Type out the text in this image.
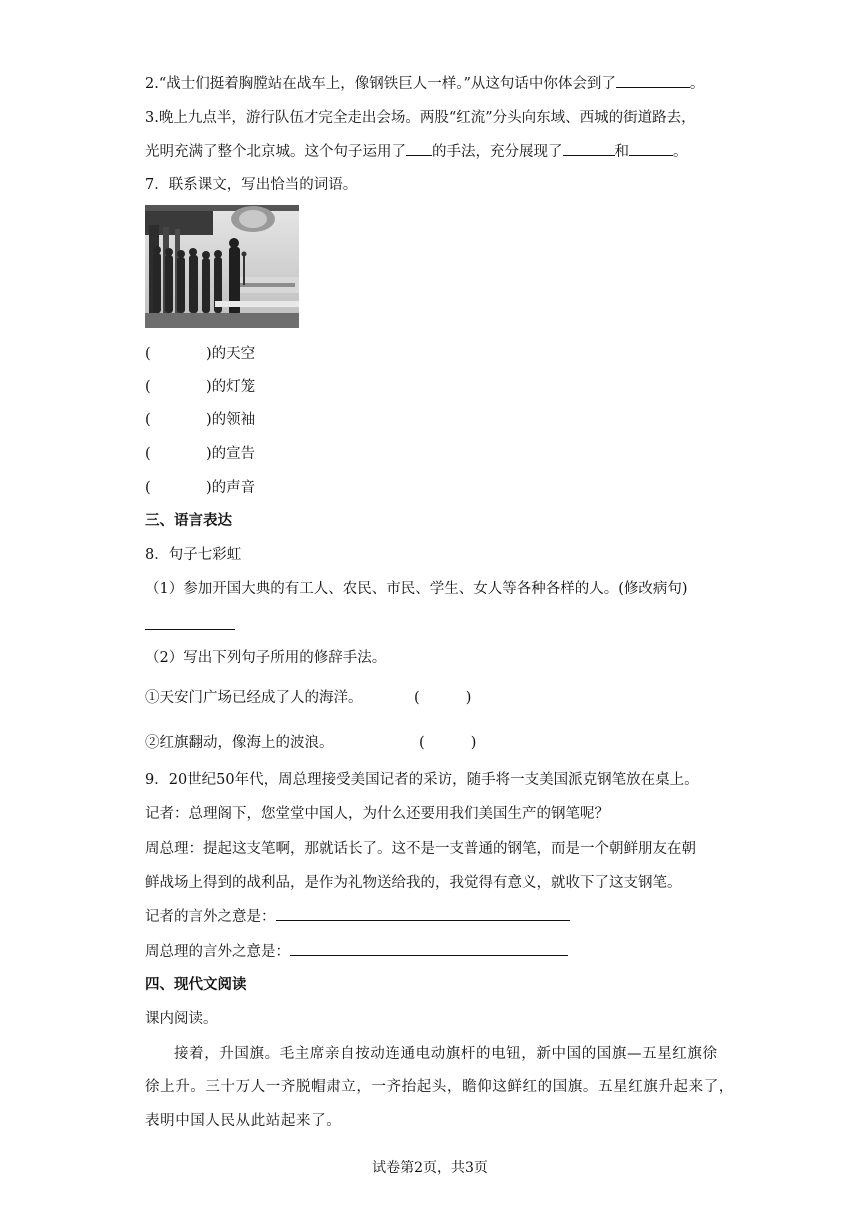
2.“战士们挺着胸膛站在战车上，像钢铁巨人一样。”从这句话中你体会到了	。
3.晚上九点半，游行队伍才完全走出会场。两股“红流”分头向东域、西城的街道路去，
光明充满了整个北京城。这个句子运用了 的手法，充分展现了	和	。
7．联系课文，写出恰当的词语。
(            )的天空
(            )的灯笼
(            )的领袖
(            )的宣告
(            )的声音
三、语言表达
8．句子七彩虹
（1）参加开国大典的有工人、农民、市民、学生、女人等各种各样的人。(修改病句)
（2）写出下列句子所用的修辞手法。
①天安门广场已经成了人的海洋。	(          )
②红旗翻动，像海上的波浪。	(          )
9．20世纪50年代，周总理接受美国记者的采访，随手将一支美国派克钢笔放在桌上。
记者：总理阁下，您堂堂中国人，为什么还要用我们美国生产的钢笔呢？
周总理：提起这支笔啊，那就话长了。这不是一支普通的钢笔，而是一个朝鲜朋友在朝
鲜战场上得到的战利品，是作为礼物送给我的，我觉得有意义，就收下了这支钢笔。
记者的言外之意是：
周总理的言外之意是：
四、现代文阅读
课内阅读。
接着，升国旗。毛主席亲自按动连通电动旗杆的电钮，新中国的国旗—五星红旗徐
徐上升。三十万人一齐脱帽肃立，一齐抬起头，瞻仰这鲜红的国旗。五星红旗升起来了，
表明中国人民从此站起来了。
试卷第2页，共3页
